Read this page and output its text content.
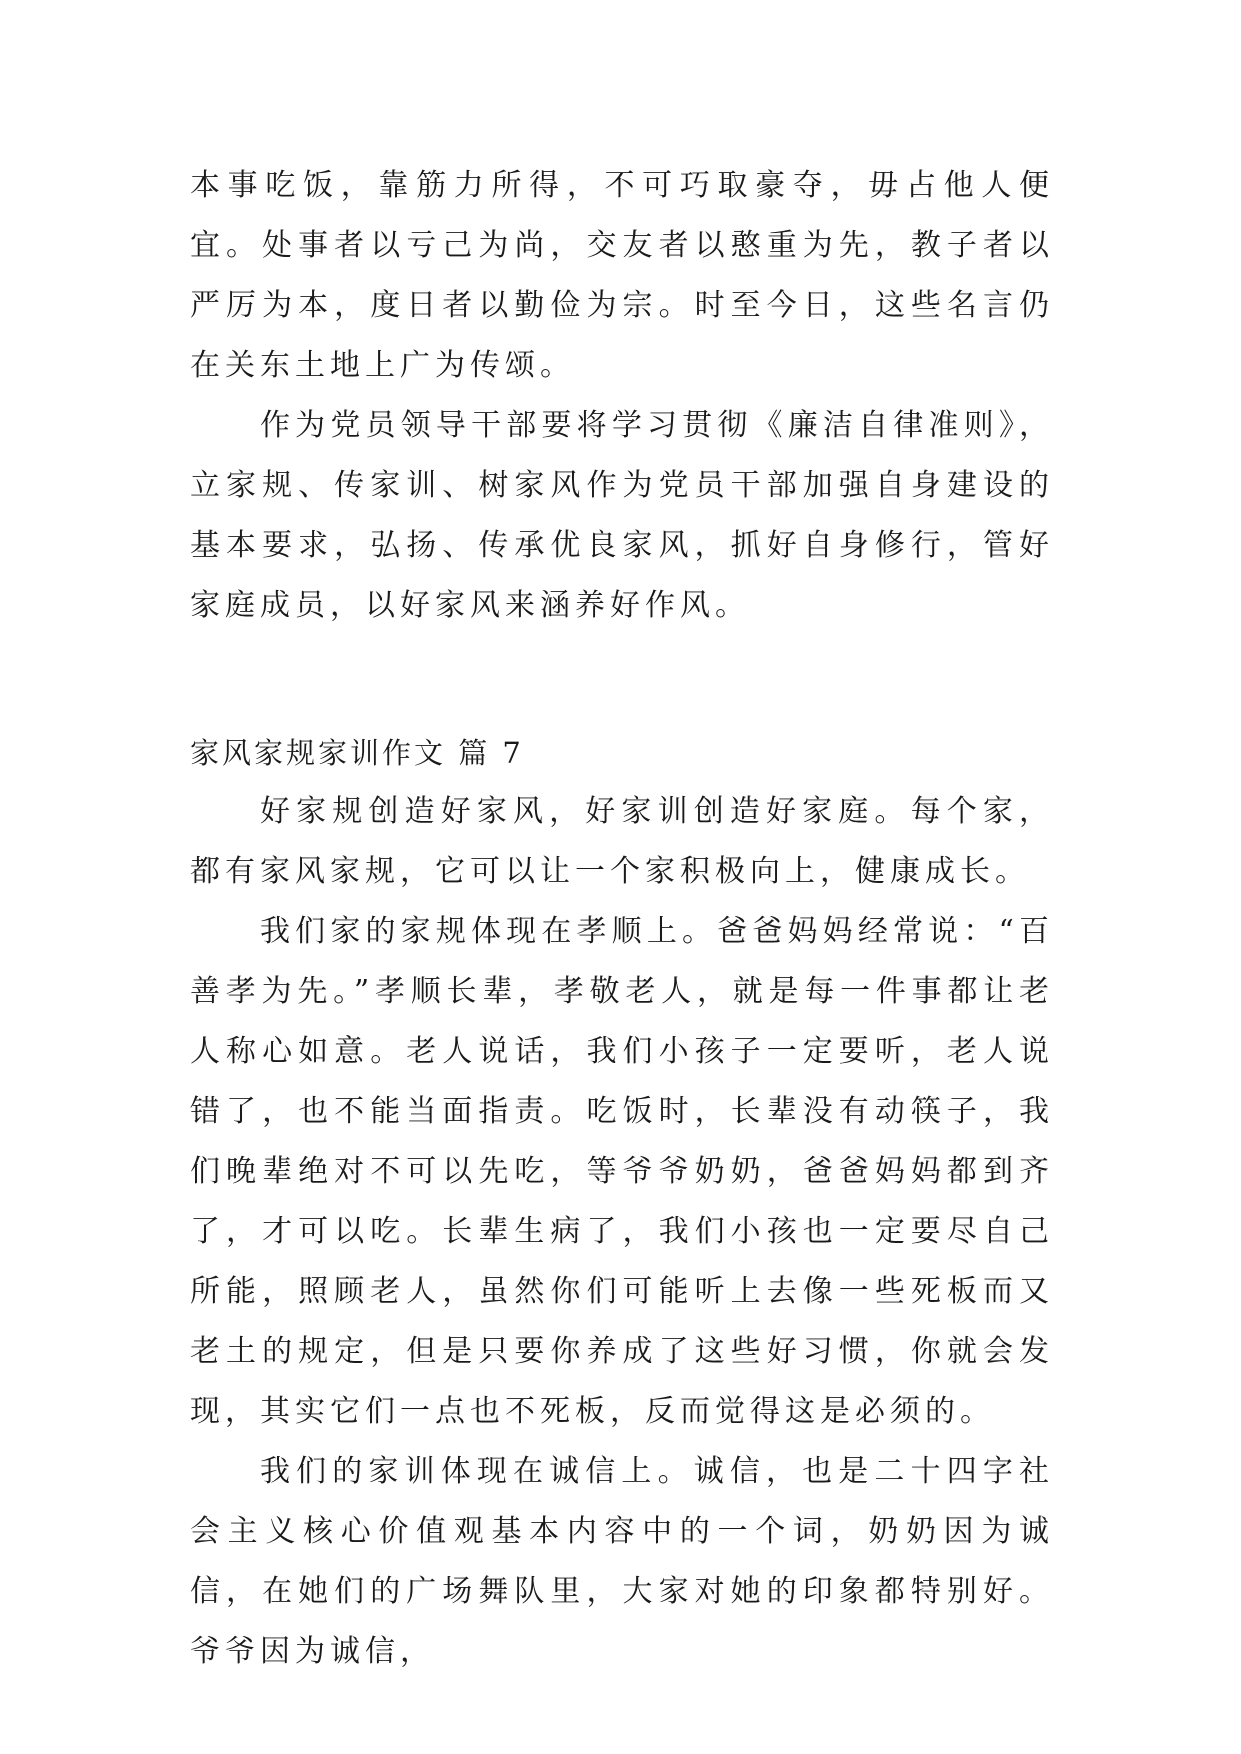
本事吃饭，靠筋力所得，不可巧取豪夺，毋占他人便宜。处事者以亏己为尚，交友者以憨重为先，教子者以严厉为本，度日者以勤俭为宗。时至今日，这些名言仍在关东土地上广为传颂。

作为党员领导干部要将学习贯彻《廉洁自律准则》，立家规、传家训、树家风作为党员干部加强自身建设的基本要求，弘扬、传承优良家风，抓好自身修行，管好家庭成员，以好家风来涵养好作风。

家风家规家训作文 篇 7

好家规创造好家风，好家训创造好家庭。每个家，都有家风家规，它可以让一个家积极向上，健康成长。

我们家的家规体现在孝顺上。爸爸妈妈经常说：“百善孝为先。”孝顺长辈，孝敬老人，就是每一件事都让老人称心如意。老人说话，我们小孩子一定要听，老人说错了，也不能当面指责。吃饭时，长辈没有动筷子，我们晚辈绝对不可以先吃，等爷爷奶奶，爸爸妈妈都到齐了，才可以吃。长辈生病了，我们小孩也一定要尽自己所能，照顾老人，虽然你们可能听上去像一些死板而又老土的规定，但是只要你养成了这些好习惯，你就会发现，其实它们一点也不死板，反而觉得这是必须的。

我们的家训体现在诚信上。诚信，也是二十四字社会主义核心价值观基本内容中的一个词，奶奶因为诚信，在她们的广场舞队里，大家对她的印象都特别好。爷爷因为诚信，
